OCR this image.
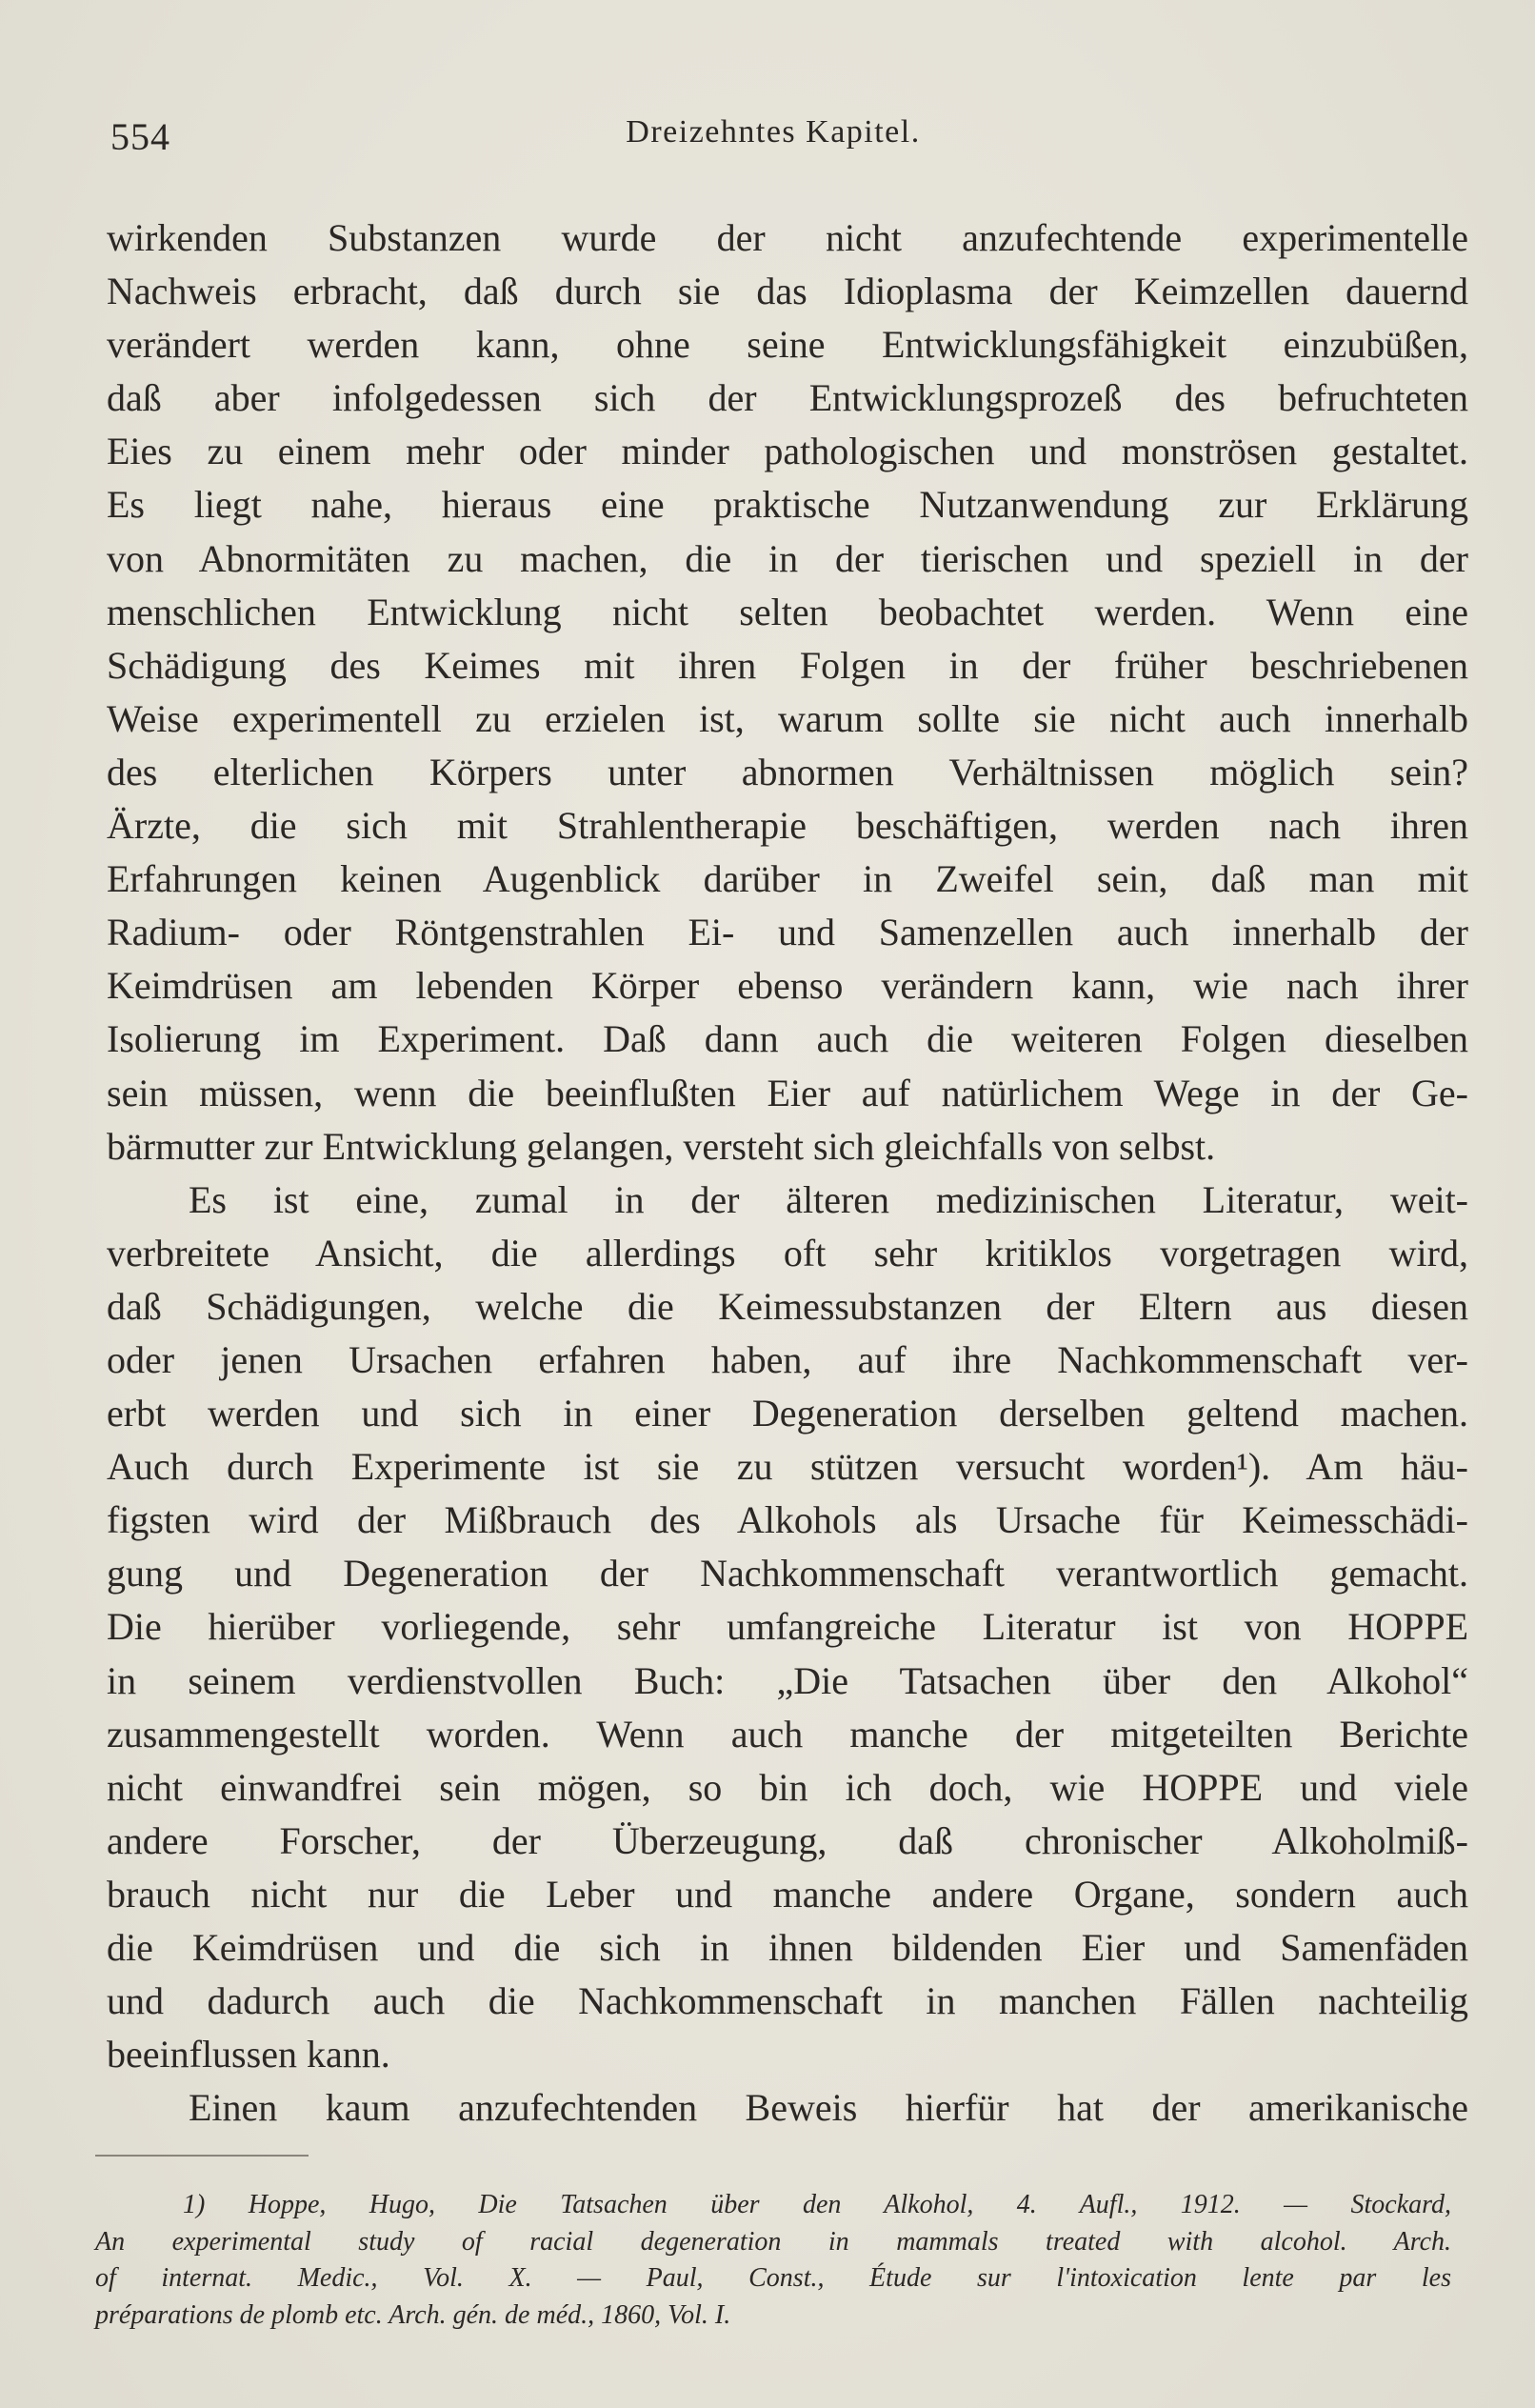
554	Dreizehntes Kapitel.
wirkenden Substanzen wurde der nicht anzufechtende experimentelle
Nachweis erbracht, daß durch sie das Idioplasma der Keimzellen dauernd
verändert werden kann, ohne seine Entwicklungsfähigkeit einzubüßen,
daß aber infolgedessen sich der Entwicklungsprozeß des befruchteten
Eies zu einem mehr oder minder pathologischen und monströsen gestaltet.
Es liegt nahe, hieraus eine praktische Nutzanwendung zur Erklärung
von Abnormitäten zu machen, die in der tierischen und speziell in der
menschlichen Entwicklung nicht selten beobachtet werden. Wenn eine
Schädigung des Keimes mit ihren Folgen in der früher beschriebenen
Weise experimentell zu erzielen ist, warum sollte sie nicht auch innerhalb
des elterlichen Körpers unter abnormen Verhältnissen möglich sein?
Ärzte, die sich mit Strahlentherapie beschäftigen, werden nach ihren
Erfahrungen keinen Augenblick darüber in Zweifel sein, daß man mit
Radium- oder Röntgenstrahlen Ei- und Samenzellen auch innerhalb der
Keimdrüsen am lebenden Körper ebenso verändern kann, wie nach ihrer
Isolierung im Experiment. Daß dann auch die weiteren Folgen dieselben
sein müssen, wenn die beeinflußten Eier auf natürlichem Wege in der Ge-
bärmutter zur Entwicklung gelangen, versteht sich gleichfalls von selbst.
Es ist eine, zumal in der älteren medizinischen Literatur, weit-
verbreitete Ansicht, die allerdings oft sehr kritiklos vorgetragen wird,
daß Schädigungen, welche die Keimessubstanzen der Eltern aus diesen
oder jenen Ursachen erfahren haben, auf ihre Nachkommenschaft ver-
erbt werden und sich in einer Degeneration derselben geltend machen.
Auch durch Experimente ist sie zu stützen versucht worden¹). Am häu-
figsten wird der Mißbrauch des Alkohols als Ursache für Keimesschädi-
gung und Degeneration der Nachkommenschaft verantwortlich gemacht.
Die hierüber vorliegende, sehr umfangreiche Literatur ist von HOPPE
in seinem verdienstvollen Buch: „Die Tatsachen über den Alkohol“
zusammengestellt worden. Wenn auch manche der mitgeteilten Berichte
nicht einwandfrei sein mögen, so bin ich doch, wie HOPPE und viele
andere Forscher, der Überzeugung, daß chronischer Alkoholmiß-
brauch nicht nur die Leber und manche andere Organe, sondern auch
die Keimdrüsen und die sich in ihnen bildenden Eier und Samenfäden
und dadurch auch die Nachkommenschaft in manchen Fällen nachteilig
beeinflussen kann.
Einen kaum anzufechtenden Beweis hierfür hat der amerikanische
1) Hoppe, Hugo, Die Tatsachen über den Alkohol, 4. Aufl., 1912. — Stockard,
An experimental study of racial degeneration in mammals treated with alcohol. Arch.
of internat. Medic., Vol. X. — Paul, Const., Étude sur l'intoxication lente par les
préparations de plomb etc. Arch. gén. de méd., 1860, Vol. I.
